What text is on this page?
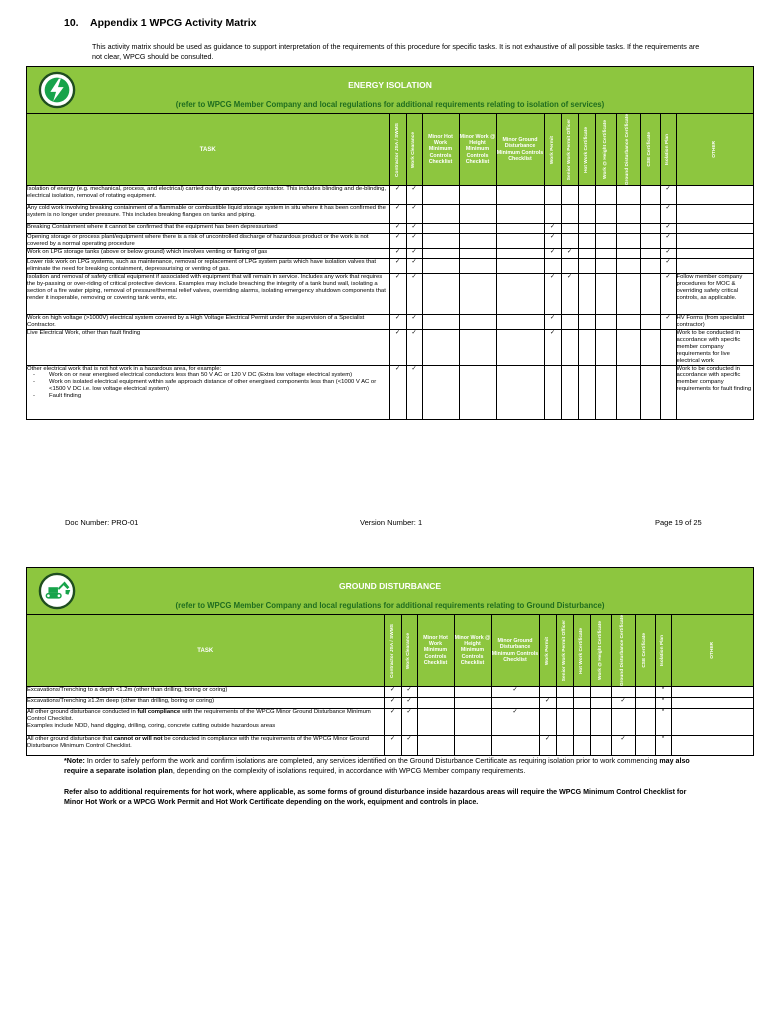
10. Appendix 1 WPCG Activity Matrix
This activity matrix should be used as guidance to support interpretation of the requirements of this procedure for specific tasks. It is not exhaustive of all possible tasks. If the requirements are not clear, WPCG should be consulted.
ENERGY ISOLATION
(refer to WPCG Member Company and local regulations for additional requirements relating to isolation of services)
TASK	Contractor JSA / SWMS	Work Clearance	Minor Hot Work Minimum Controls Checklist	Minor Work @ Height Minimum Controls Checklist	Minor Ground Disturbance Minimum Controls Checklist	Work Permit	Senior Work Permit Officer	Hot Work Certificate	Work @ Height Certificate	Ground Disturbance Certificate	CSE Certificate	Isolation Plan	OTHER

Isolation of energy (e.g. mechanical, process, and electrical) carried out by an approved contractor. This includes blinding and de-blinding, electrical isolation, removal of rotating equipment.	✓	✓										✓	

Any cold work involving breaking containment of a flammable or combustible liquid storage system in situ where it has been confirmed the system is no longer under pressure. This includes breaking flanges on tanks and piping.	✓	✓										✓	

Breaking Containment where it cannot be confirmed that the equipment has been depressurised	✓	✓				✓						✓	

Opening storage or process plant/equipment where there is a risk of uncontrolled discharge of hazardous product or the work is not covered by a normal operating procedure	✓	✓				✓						✓	

Work on LPG storage tanks (above or below ground) which involves venting or flaring of gas	✓	✓				✓	✓					✓	

Lower risk work on LPG systems, such as maintenance, removal or replacement of LPG system parts which have isolation valves that eliminate the need for breaking containment, depressurising or venting of gas.	✓	✓										✓	

Isolation and removal of safety critical equipment if associated with equipment that will remain in service. Includes any work that requires the by-passing or over-riding of critical protective devices. Examples may include breaching the integrity of a tank bund wall, isolating a section of a fire water piping, removal of pressure/thermal relief valves, overriding alarms, isolating emergency shutdown components that render it inoperable, removing or covering tank vents, etc.	✓	✓				✓	✓					✓	Follow member company procedures for MOC & overriding safety critical controls, as applicable.

Work on high voltage (>1000V) electrical system covered by a High Voltage Electrical Permit under the supervision of a Specialist Contractor.	✓	✓				✓						✓	HV Forms (from specialist contractor)

Live Electrical Work, other than fault finding	✓	✓				✓							Work to be conducted in accordance with specific member company requirements for live electrical work

Other electrical work that is not hot work in a hazardous area, for example:
- Work on or near energised electrical conductors less than 50 V AC or 120 V DC (Extra low voltage electrical system)
- Work on isolated electrical equipment within safe approach distance of other energised components less than (<1000 V AC or <1500 V DC i.e. low voltage electrical system)
- Fault finding	✓	✓											Work to be conducted in accordance with specific member company requirements for fault finding
Doc Number: PRO-01	Version Number: 1	Page 19 of 25
GROUND DISTURBANCE
(refer to WPCG Member Company and local regulations for additional requirements relating to Ground Disturbance)
TASK	Contractor JSA / SWMS	Work Clearance	Minor Hot Work Minimum Controls Checklist	Minor Work @ Height Minimum Controls Checklist	Minor Ground Disturbance Minimum Controls Checklist	Work Permit	Senior Work Permit Officer	Hot Work Certificate	Work @ Height Certificate	Ground Disturbance Certificate	CSE Certificate	Isolation Plan	OTHER

Excavations/Trenching to a depth <1.2m (other than drilling, boring or coring)	✓	✓			✓							*	
Excavations/Trenching ≥1.2m deep (other than drilling, boring or coring)	✓	✓				✓				✓		*	
All other ground disturbance conducted in full compliance with the requirements of the WPCG Minor Ground Disturbance Minimum Control Checklist.
Examples include NDD, hand digging, drilling, coring, concrete cutting outside hazardous areas	✓	✓			✓							*	
All other ground disturbance that cannot or will not be conducted in compliance with the requirements of the WPCG Minor Ground Disturbance Minimum Control Checklist.	✓	✓				✓				✓		*	
*Note: In order to safely perform the work and confirm isolations are completed, any services identified on the Ground Disturbance Certificate as requiring isolation prior to work commencing may also require a separate isolation plan, depending on the complexity of isolations required, in accordance with WPCG Member company requirements.
Refer also to additional requirements for hot work, where applicable, as some forms of ground disturbance inside hazardous areas will require the WPCG Minimum Control Checklist for Minor Hot Work or a WPCG Work Permit and Hot Work Certificate depending on the work, equipment and controls in place.
